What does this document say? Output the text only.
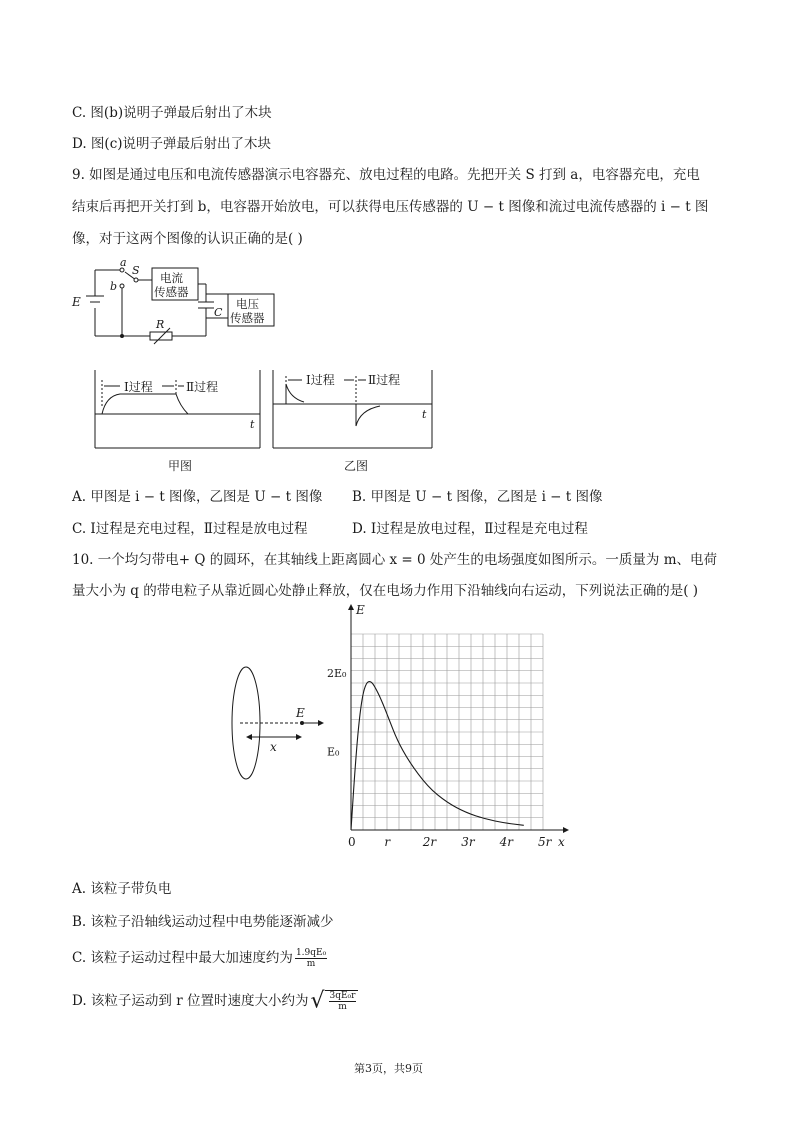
C. 图(b)说明子弹最后射出了木块
D. 图(c)说明子弹最后射出了木块
9. 如图是通过电压和电流传感器演示电容器充、放电过程的电路。先把开关 S 打到 a，电容器充电，充电
结束后再把开关打到 b，电容器开始放电，可以获得电压传感器的 U − t 图像和流过电流传感器的 i − t 图
像，对于这两个图像的认识正确的是( )
E
a
b
S
C
R
电流
传感器
电压
传感器
Ⅰ过程	Ⅱ过程
t
甲图
Ⅰ过程	Ⅱ过程
t
乙图
A. 甲图是 i − t 图像，乙图是 U − t 图像 B. 甲图是 U − t 图像，乙图是 i − t 图像
C. Ⅰ过程是充电过程，Ⅱ过程是放电过程	D. Ⅰ过程是放电过程，Ⅱ过程是充电过程
10. 一个均匀带电+ Q 的圆环，在其轴线上距离圆心 x = 0 处产生的电场强度如图所示。一质量为 m、电荷
量大小为 q 的带电粒子从靠近圆心处静止释放，仅在电场力作用下沿轴线向右运动，下列说法正确的是( )
E
x
0 r	2r 3r 4r 5r
E₀
2E₀
E
x
A. 该粒子带负电
B. 该粒子沿轴线运动过程中电势能逐渐减少
C. 该粒子运动过程中最大加速度约为 $\frac{\text{1.9qE₀}}{m}$
D. 该粒子运动到 r 位置时速度大小约为√ $\frac{\text{3qE₀r}}{m}$
第3页，共9页
